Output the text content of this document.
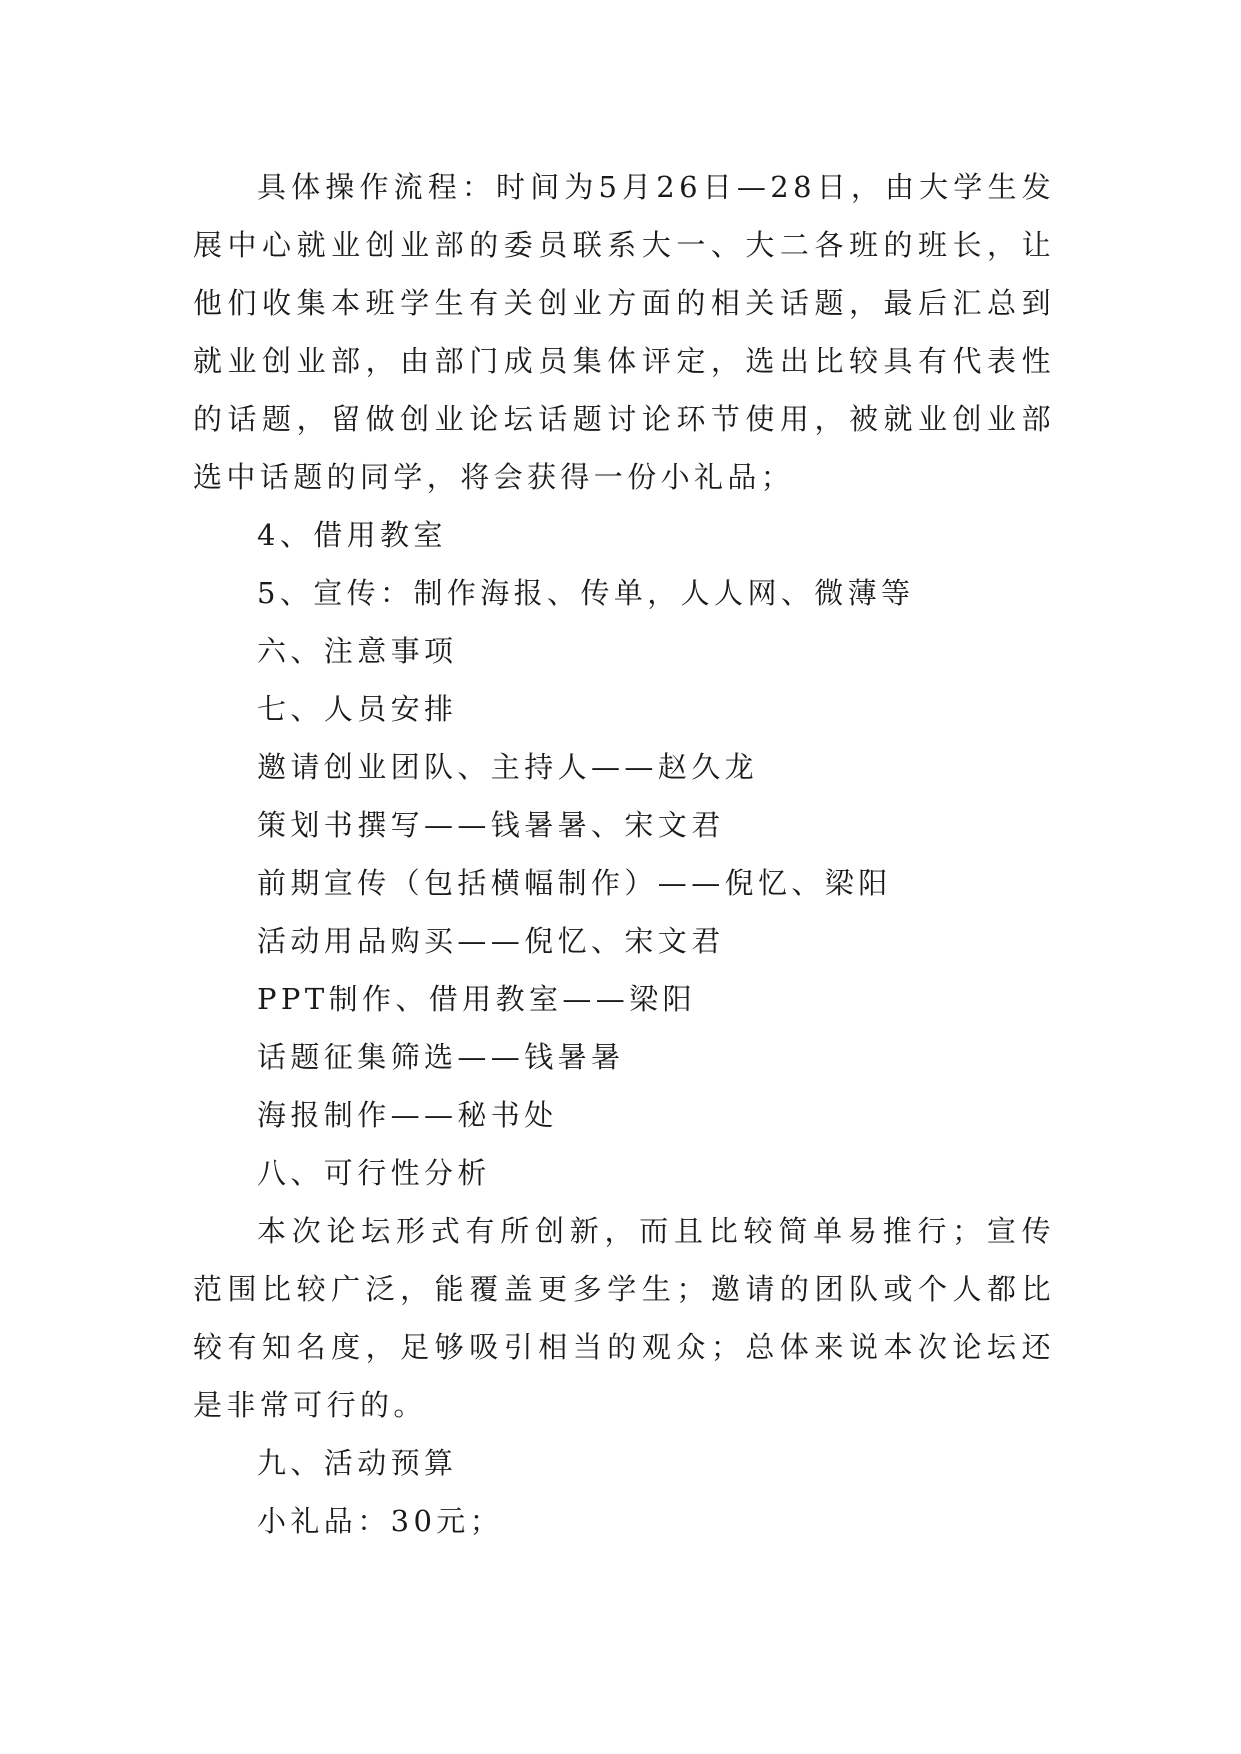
具体操作流程：时间为5月26日—28日，由大学生发展中心就业创业部的委员联系大一、大二各班的班长，让他们收集本班学生有关创业方面的相关话题，最后汇总到就业创业部，由部门成员集体评定，选出比较具有代表性的话题，留做创业论坛话题讨论环节使用，被就业创业部选中话题的同学，将会获得一份小礼品；

4、借用教室

5、宣传：制作海报、传单，人人网、微薄等

六、注意事项

七、人员安排

邀请创业团队、主持人——赵久龙

策划书撰写——钱暑暑、宋文君

前期宣传（包括横幅制作）——倪忆、梁阳

活动用品购买——倪忆、宋文君

PPT制作、借用教室——梁阳

话题征集筛选——钱暑暑

海报制作——秘书处

八、可行性分析

本次论坛形式有所创新，而且比较简单易推行；宣传范围比较广泛，能覆盖更多学生；邀请的团队或个人都比较有知名度，足够吸引相当的观众；总体来说本次论坛还是非常可行的。

九、活动预算

小礼品：30元；
